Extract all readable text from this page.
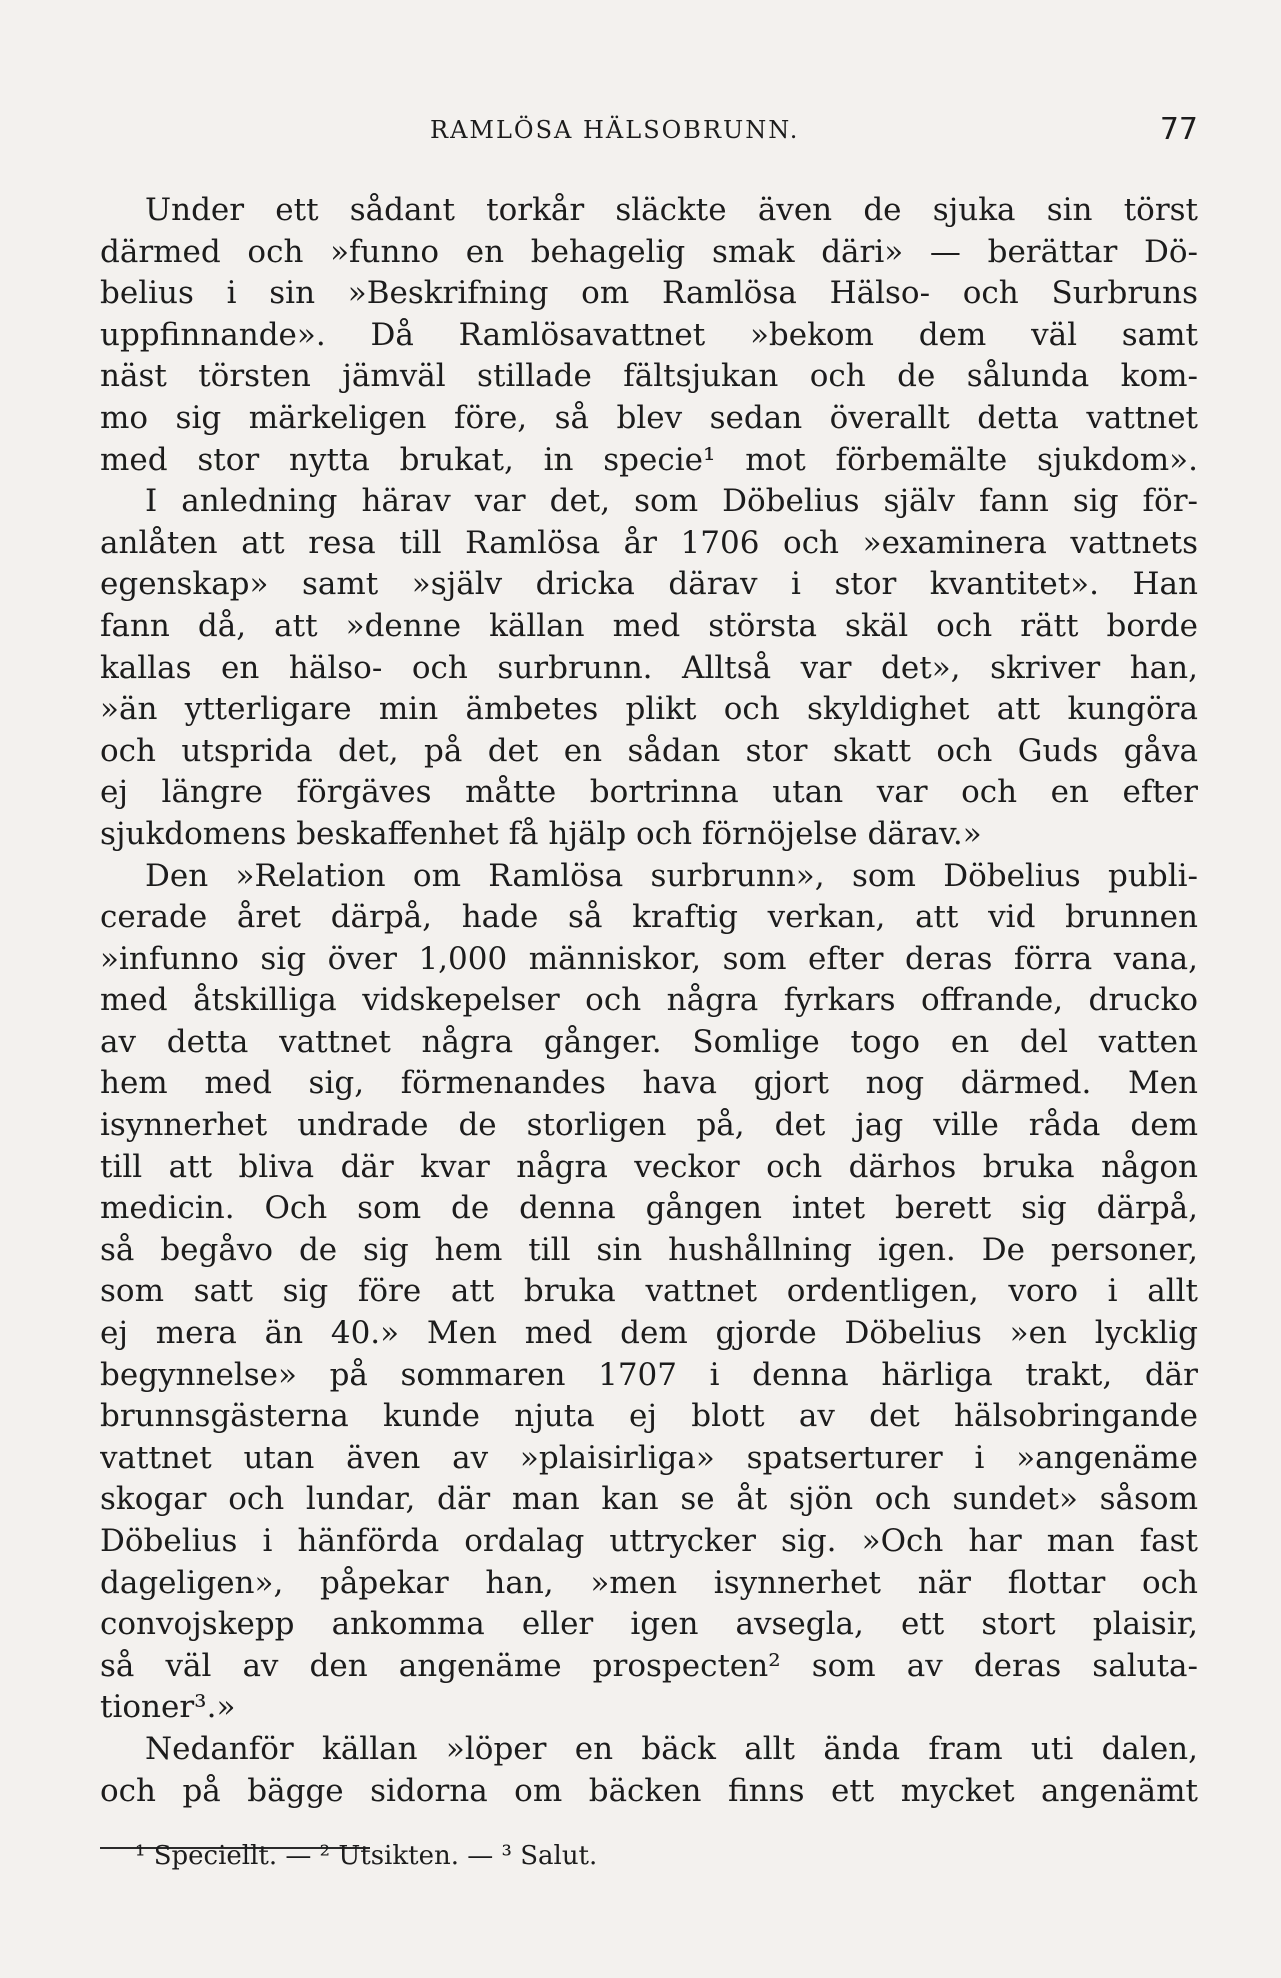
RAMLÖSA HÄLSOBRUNN.	77
Under ett sådant torkår släckte även de sjuka sin törst
därmed och »funno en behagelig smak däri» — berättar Dö-
belius i sin »Beskrifning om Ramlösa Hälso- och Surbruns
uppfinnande». Då Ramlösavattnet »bekom dem väl samt
näst törsten jämväl stillade fältsjukan och de sålunda kom-
mo sig märkeligen före, så blev sedan överallt detta vattnet
med stor nytta brukat, in specie¹ mot förbemälte sjukdom».
I anledning härav var det, som Döbelius själv fann sig för-
anlåten att resa till Ramlösa år 1706 och »examinera vattnets
egenskap» samt »själv dricka därav i stor kvantitet». Han
fann då, att »denne källan med största skäl och rätt borde
kallas en hälso- och surbrunn. Alltså var det», skriver han,
»än ytterligare min ämbetes plikt och skyldighet att kungöra
och utsprida det, på det en sådan stor skatt och Guds gåva
ej längre förgäves måtte bortrinna utan var och en efter
sjukdomens beskaffenhet få hjälp och förnöjelse därav.»
Den »Relation om Ramlösa surbrunn», som Döbelius publi-
cerade året därpå, hade så kraftig verkan, att vid brunnen
»infunno sig över 1,000 människor, som efter deras förra vana,
med åtskilliga vidskepelser och några fyrkars offrande, drucko
av detta vattnet några gånger. Somlige togo en del vatten
hem med sig, förmenandes hava gjort nog därmed. Men
isynnerhet undrade de storligen på, det jag ville råda dem
till att bliva där kvar några veckor och därhos bruka någon
medicin. Och som de denna gången intet berett sig därpå,
så begåvo de sig hem till sin hushållning igen. De personer,
som satt sig före att bruka vattnet ordentligen, voro i allt
ej mera än 40.» Men med dem gjorde Döbelius »en lycklig
begynnelse» på sommaren 1707 i denna härliga trakt, där
brunnsgästerna kunde njuta ej blott av det hälsobringande
vattnet utan även av »plaisirliga» spatserturer i »angenäme
skogar och lundar, där man kan se åt sjön och sundet» såsom
Döbelius i hänförda ordalag uttrycker sig. »Och har man fast
dageligen», påpekar han, »men isynnerhet när flottar och
convojskepp ankomma eller igen avsegla, ett stort plaisir,
så väl av den angenäme prospecten² som av deras saluta-
tioner³.»
Nedanför källan »löper en bäck allt ända fram uti dalen,
och på bägge sidorna om bäcken finns ett mycket angenämt
¹ Speciellt. — ² Utsikten. — ³ Salut.
